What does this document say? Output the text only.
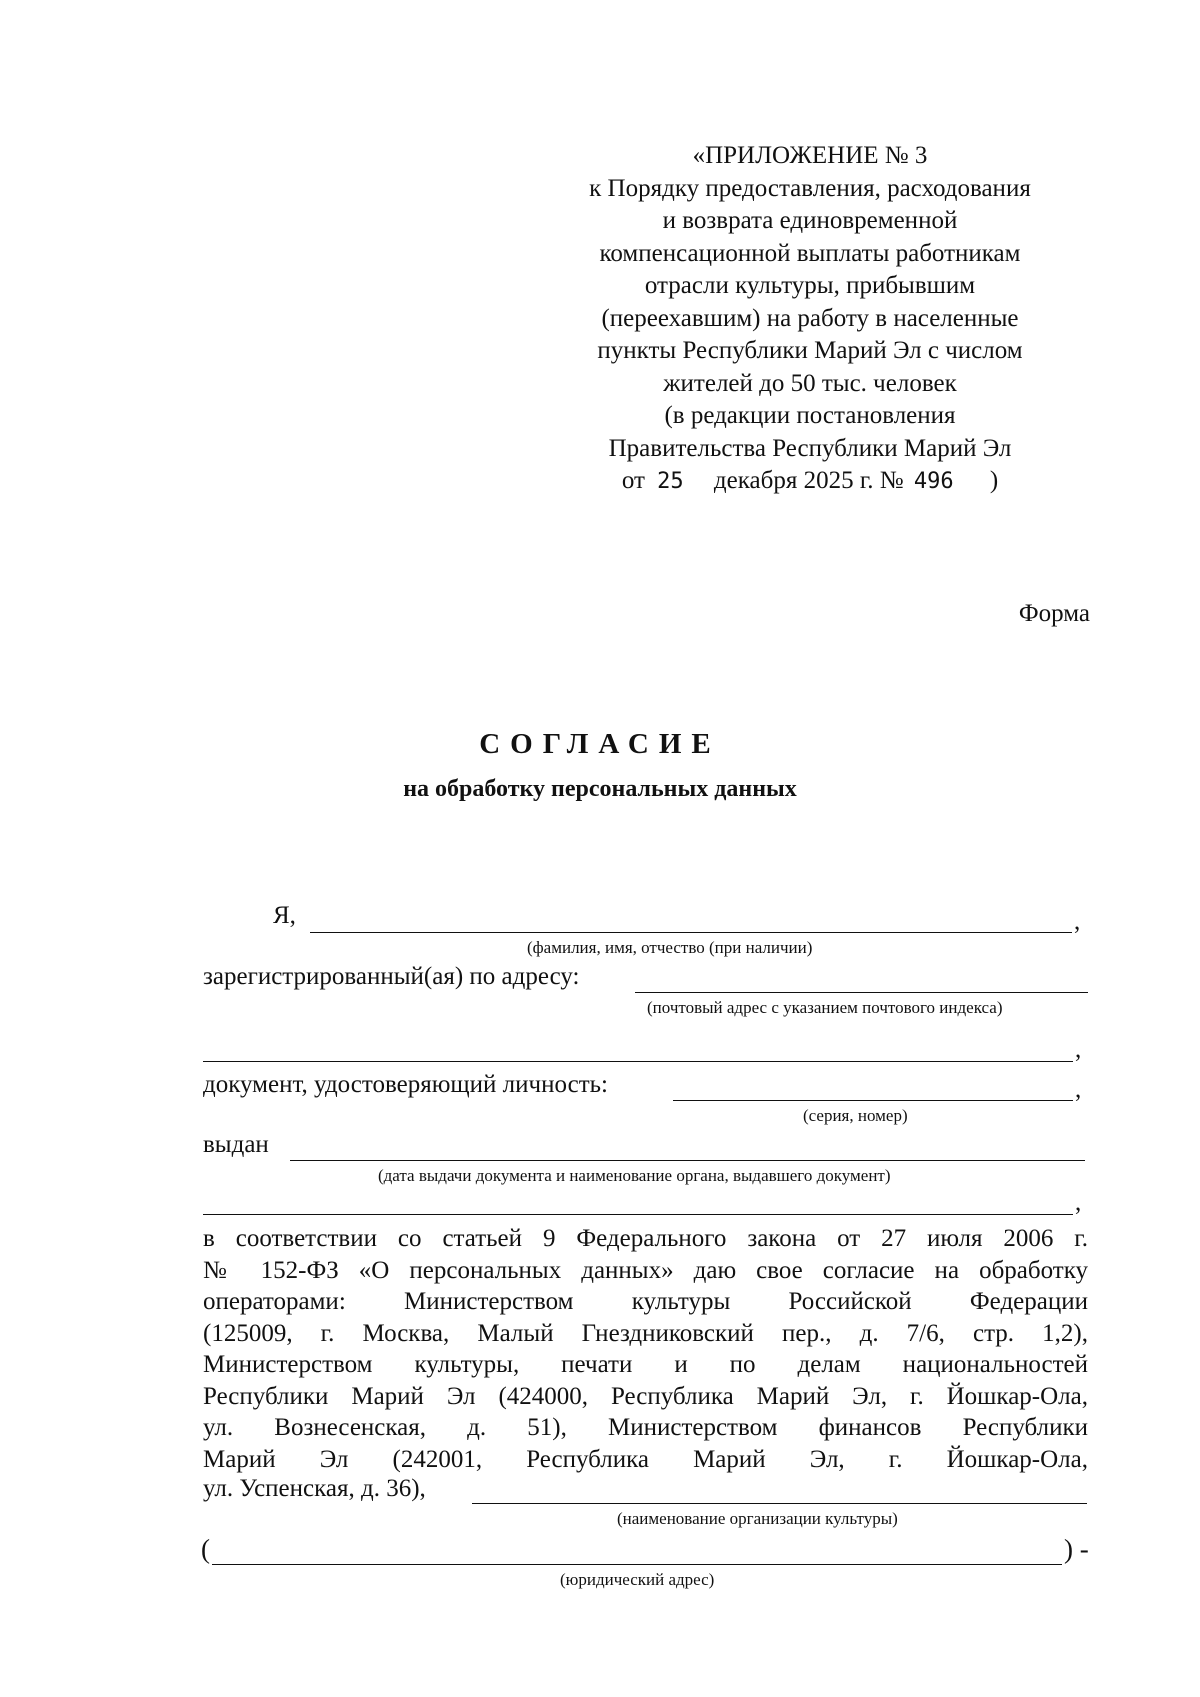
«ПРИЛОЖЕНИЕ № 3
к Порядку предоставления, расходования
и возврата единовременной
компенсационной выплаты работникам
отрасли культуры, прибывшим
(переехавшим) на работу в населенные
пункты Республики Марий Эл с числом
жителей до 50 тыс. человек
(в редакции постановления
Правительства Республики Марий Эл
от 25 декабря 2025 г. № 496 )
Форма
СОГЛАСИЕ
на обработку персональных данных
Я,	,
(фамилия, имя, отчество (при наличии)
зарегистрированный(ая) по адресу:
(почтовый адрес с указанием почтового индекса)
,
документ, удостоверяющий личность:	,
(серия, номер)
выдан
(дата выдачи документа и наименование органа, выдавшего документ)
,
в соответствии со статьей 9 Федерального закона от 27 июля 2006 г.
№ 152-ФЗ «О персональных данных» даю свое согласие на обработку
операторами: Министерством культуры Российской Федерации
(125009, г. Москва, Малый Гнездниковский пер., д. 7/6, стр. 1,2),
Министерством культуры, печати и по делам национальностей
Республики Марий Эл (424000, Республика Марий Эл, г. Йошкар-Ола,
ул. Вознесенская, д. 51), Министерством финансов Республики
Марий Эл (242001, Республика Марий Эл, г. Йошкар-Ола,
ул. Успенская, д. 36),
(наименование организации культуры)
(	) -
(юридический адрес)
